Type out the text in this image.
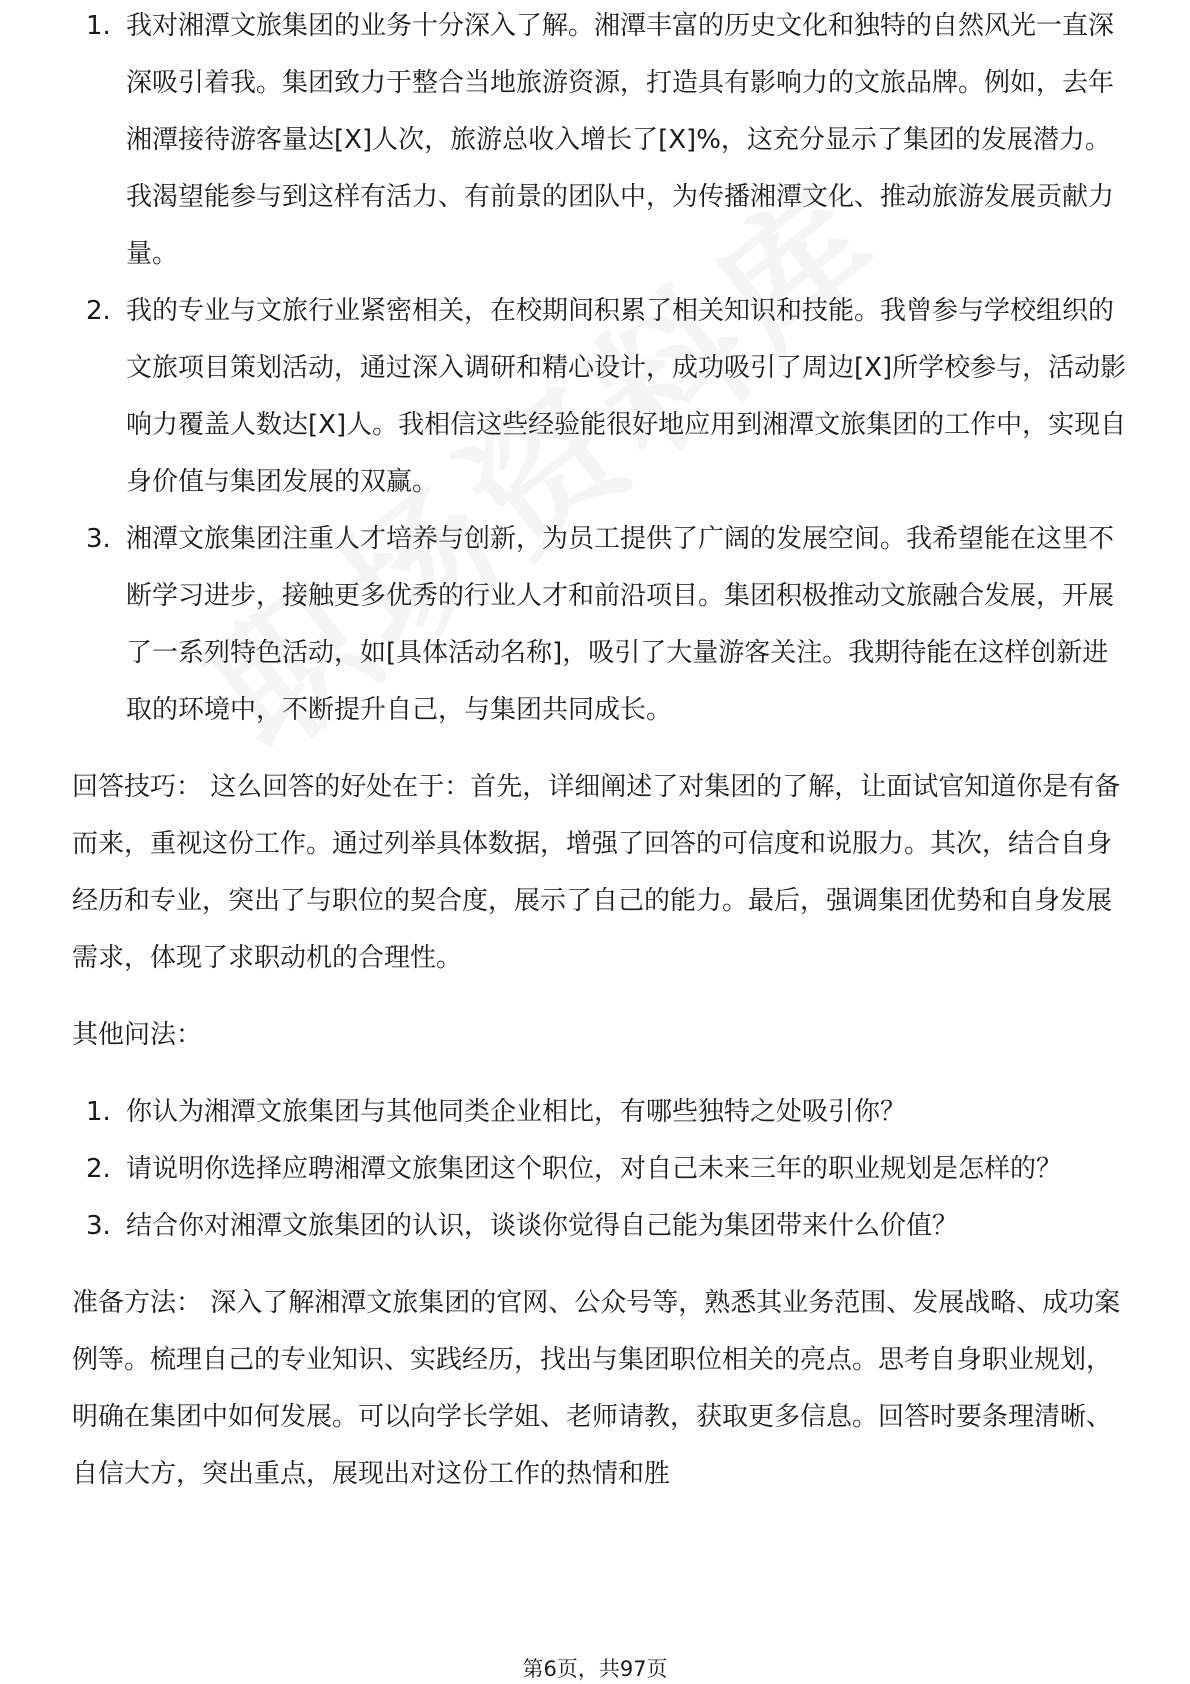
1. 我对湘潭文旅集团的业务十分深入了解。湘潭丰富的历史文化和独特的自然风光一直深深吸引着我。集团致力于整合当地旅游资源，打造具有影响力的文旅品牌。例如，去年湘潭接待游客量达[X]人次，旅游总收入增长了[X]%，这充分显示了集团的发展潜力。我渴望能参与到这样有活力、有前景的团队中，为传播湘潭文化、推动旅游发展贡献力量。
2. 我的专业与文旅行业紧密相关，在校期间积累了相关知识和技能。我曾参与学校组织的文旅项目策划活动，通过深入调研和精心设计，成功吸引了周边[X]所学校参与，活动影响力覆盖人数达[X]人。我相信这些经验能很好地应用到湘潭文旅集团的工作中，实现自身价值与集团发展的双赢。
3. 湘潭文旅集团注重人才培养与创新，为员工提供了广阔的发展空间。我希望能在这里不断学习进步，接触更多优秀的行业人才和前沿项目。集团积极推动文旅融合发展，开展了一系列特色活动，如[具体活动名称]，吸引了大量游客关注。我期待能在这样创新进取的环境中，不断提升自己，与集团共同成长。

回答技巧： 这么回答的好处在于：首先，详细阐述了对集团的了解，让面试官知道你是有备而来，重视这份工作。通过列举具体数据，增强了回答的可信度和说服力。其次，结合自身经历和专业，突出了与职位的契合度，展示了自己的能力。最后，强调集团优势和自身发展需求，体现了求职动机的合理性。

其他问法：

1. 你认为湘潭文旅集团与其他同类企业相比，有哪些独特之处吸引你？
2. 请说明你选择应聘湘潭文旅集团这个职位，对自己未来三年的职业规划是怎样的？
3. 结合你对湘潭文旅集团的认识，谈谈你觉得自己能为集团带来什么价值？

准备方法： 深入了解湘潭文旅集团的官网、公众号等，熟悉其业务范围、发展战略、成功案例等。梳理自己的专业知识、实践经历，找出与集团职位相关的亮点。思考自身职业规划，明确在集团中如何发展。可以向学长学姐、老师请教，获取更多信息。回答时要条理清晰、自信大方，突出重点，展现出对这份工作的热情和胜

第6页，共97页
